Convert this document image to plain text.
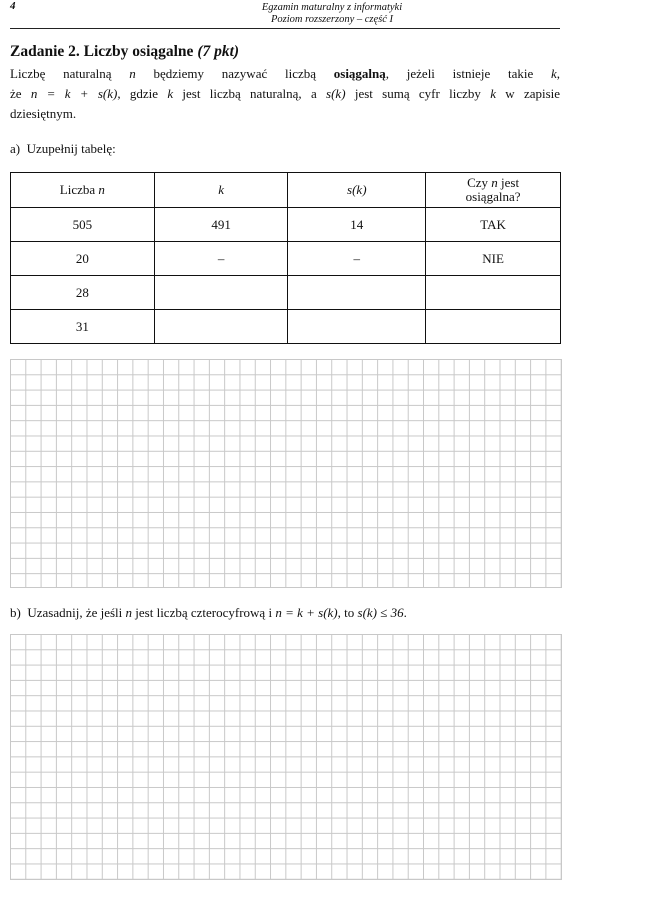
4	Egzamin maturalny z informatyki
Poziom rozszerzony – część I
Zadanie 2. Liczby osiągalne (7 pkt)
Liczbę naturalną n będziemy nazywać liczbą osiągalną, jeżeli istnieje takie k,
że n = k + s(k), gdzie k jest liczbą naturalną, a s(k) jest sumą cyfr liczby k w zapisie
dziesiętnym.
a) Uzupełnij tabelę:
Liczba n	k	s(k)	Czy n jest
osiągalna?
505	491	14	TAK
20	–	–	NIE
28			
31			
b) Uzasadnij, że jeśli n jest liczbą czterocyfrową i n = k + s(k), to s(k) ≤ 36.
